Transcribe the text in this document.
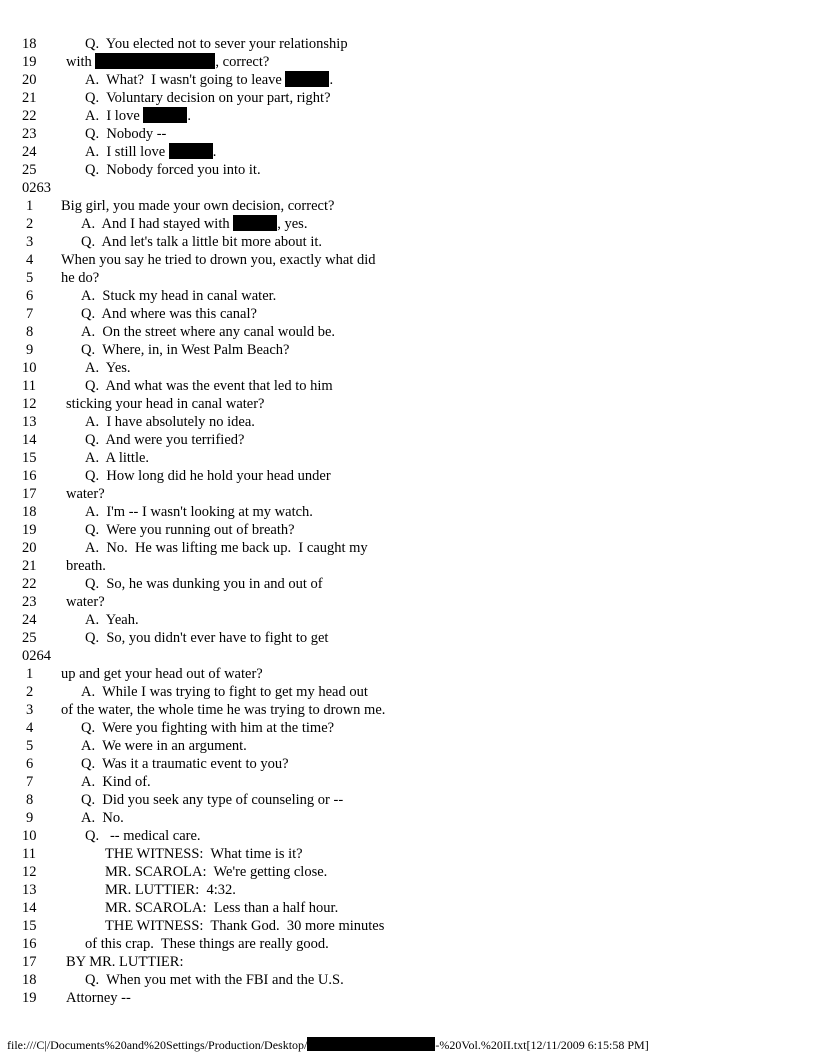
18	Q.  You elected not to sever your relationship
19 with	, correct?
20	A.  What?  I wasn't going to leave	.
21	Q.  Voluntary decision on your part, right?
22	A.  I love	.
23	Q.  Nobody --
24	A.  I still love	.
25	Q.  Nobody forced you into it.
0263
1 Big girl, you made your own decision, correct?
2	A.  And I had stayed with	, yes.
3	Q.  And let's talk a little bit more about it.
4 When you say he tried to drown you, exactly what did
5 he do?
6	A.  Stuck my head in canal water.
7	Q.  And where was this canal?
8	A.  On the street where any canal would be.
9	Q.  Where, in, in West Palm Beach?
10	A.  Yes.
11	Q.  And what was the event that led to him
12 sticking your head in canal water?
13	A.  I have absolutely no idea.
14	Q.  And were you terrified?
15	A.  A little.
16	Q.  How long did he hold your head under
17 water?
18	A.  I'm -- I wasn't looking at my watch.
19	Q.  Were you running out of breath?
20	A.  No.  He was lifting me back up.  I caught my
21 breath.
22	Q.  So, he was dunking you in and out of
23 water?
24	A.  Yeah.
25	Q.  So, you didn't ever have to fight to get
0264
1 up and get your head out of water?
2	A.  While I was trying to fight to get my head out
3 of the water, the whole time he was trying to drown me.
4	Q.  Were you fighting with him at the time?
5	A.  We were in an argument.
6	Q.  Was it a traumatic event to you?
7	A.  Kind of.
8	Q.  Did you seek any type of counseling or --
9	A.  No.
10	Q.   -- medical care.
11	THE WITNESS:  What time is it?
12	MR. SCAROLA:  We're getting close.
13	MR. LUTTIER:  4:32.
14	MR. SCAROLA:  Less than a half hour.
15	THE WITNESS:  Thank God.  30 more minutes
16	of this crap.  These things are really good.
17 BY MR. LUTTIER:
18	Q.  When you met with the FBI and the U.S.
19 Attorney --
file:///C|/Documents%20and%20Settings/Production/Desktop/	-%20Vol.%20II.txt[12/11/2009 6:15:58 PM]
